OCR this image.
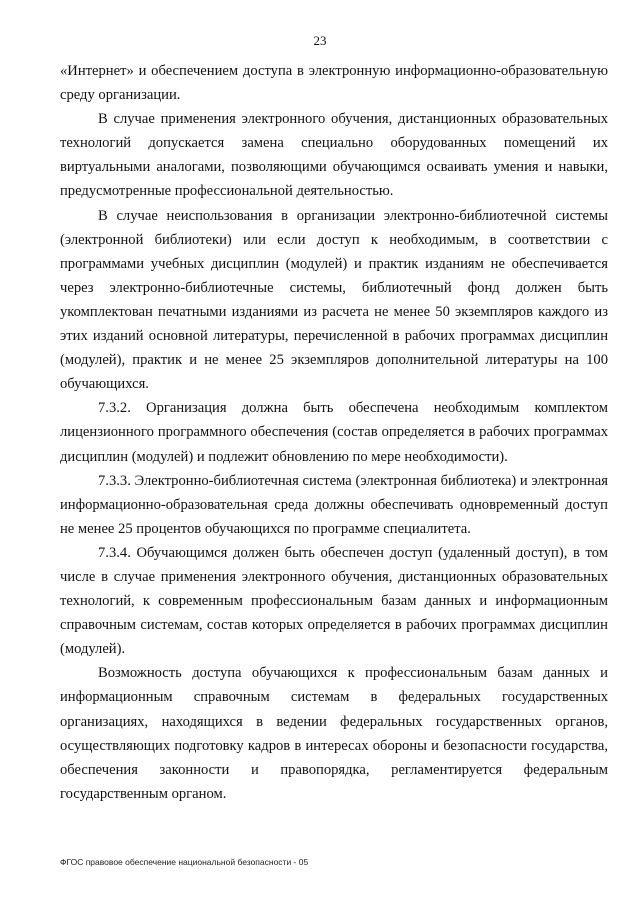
23

«Интернет» и обеспечением доступа в электронную информационно-образовательную среду организации.

В случае применения электронного обучения, дистанционных образовательных технологий допускается замена специально оборудованных помещений их виртуальными аналогами, позволяющими обучающимся осваивать умения и навыки, предусмотренные профессиональной деятельностью.

В случае неиспользования в организации электронно-библиотечной системы (электронной библиотеки) или если доступ к необходимым, в соответствии с программами учебных дисциплин (модулей) и практик изданиям не обеспечивается через электронно-библиотечные системы, библиотечный фонд должен быть укомплектован печатными изданиями из расчета не менее 50 экземпляров каждого из этих изданий основной литературы, перечисленной в рабочих программах дисциплин (модулей), практик и не менее 25 экземпляров дополнительной литературы на 100 обучающихся.

7.3.2. Организация должна быть обеспечена необходимым комплектом лицензионного программного обеспечения (состав определяется в рабочих программах дисциплин (модулей) и подлежит обновлению по мере необходимости).

7.3.3. Электронно-библиотечная система (электронная библиотека) и электронная информационно-образовательная среда должны обеспечивать одновременный доступ не менее 25 процентов обучающихся по программе специалитета.

7.3.4. Обучающимся должен быть обеспечен доступ (удаленный доступ), в том числе в случае применения электронного обучения, дистанционных образовательных технологий, к современным профессиональным базам данных и информационным справочным системам, состав которых определяется в рабочих программах дисциплин (модулей).

Возможность доступа обучающихся к профессиональным базам данных и информационным справочным системам в федеральных государственных организациях, находящихся в ведении федеральных государственных органов, осуществляющих подготовку кадров в интересах обороны и безопасности государства, обеспечения законности и правопорядка, регламентируется федеральным государственным органом.

ФГОС правовое обеспечение национальной безопасности - 05
